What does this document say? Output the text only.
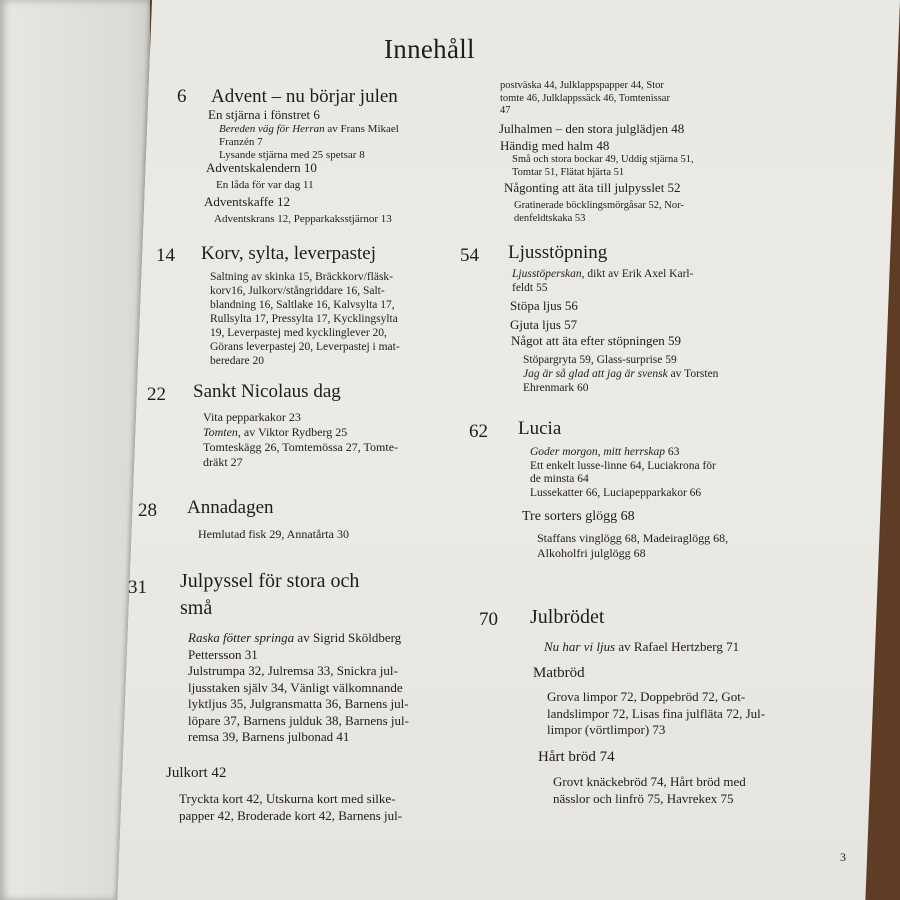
Innehåll
6 Advent – nu börjar julen
En stjärna i fönstret 6
Bereden väg för Herran av Frans Mikael
Franzén 7
Lysande stjärna med 25 spetsar 8
Adventskalendern 10
En låda för var dag 11
Adventskaffe 12
Adventskrans 12, Pepparkaksstjärnor 13
14 Korv, sylta, leverpastej
Saltning av skinka 15, Bräckkorv/fläsk-
korv16, Julkorv/stångriddare 16, Salt-
blandning 16, Saltlake 16, Kalvsylta 17,
Rullsylta 17, Pressylta 17, Kycklingsylta
19, Leverpastej med kycklinglever 20,
Görans leverpastej 20, Leverpastej i mat-
beredare 20
22 Sankt Nicolaus dag
Vita pepparkakor 23
Tomten, av Viktor Rydberg 25
Tomteskägg 26, Tomtemössa 27, Tomte-
dräkt 27
28 Annadagen
Hemlutad fisk 29, Annatårta 30
31 Julpyssel för stora och
små
Raska fötter springa av Sigrid Sköldberg
Pettersson 31
Julstrumpa 32, Julremsa 33, Snickra jul-
ljusstaken själv 34, Vänligt välkomnande
lyktljus 35, Julgransmatta 36, Barnens jul-
löpare 37, Barnens julduk 38, Barnens jul-
remsa 39, Barnens julbonad 41
Julkort 42
Tryckta kort 42, Utskurna kort med silke-
papper 42, Broderade kort 42, Barnens jul-
postväska 44, Julklappspapper 44, Stor
tomte 46, Julklappssäck 46, Tomtenissar
47
Julhalmen – den stora julglädjen 48
Händig med halm 48
Små och stora bockar 49, Uddig stjärna 51,
Tomtar 51, Flätat hjärta 51
Någonting att äta till julpysslet 52
Gratinerade böcklingsmörgåsar 52, Nor-
denfeldtskaka 53
54 Ljusstöpning
Ljusstöperskan, dikt av Erik Axel Karl-
feldt 55
Stöpa ljus 56
Gjuta ljus 57
Något att äta efter stöpningen 59
Stöpargryta 59, Glass-surprise 59
Jag är så glad att jag är svensk av Torsten
Ehrenmark 60
62 Lucia
Goder morgon, mitt herrskap 63
Ett enkelt lusse-linne 64, Luciakrona för
de minsta 64
Lussekatter 66, Luciapepparkakor 66
Tre sorters glögg 68
Staffans vinglögg 68, Madeiraglögg 68,
Alkoholfri julglögg 68
70 Julbrödet
Nu har vi ljus av Rafael Hertzberg 71
Matbröd
Grova limpor 72, Doppebröd 72, Got-
landslimpor 72, Lisas fina julfläta 72, Jul-
limpor (vörtlimpor) 73
Hårt bröd 74
Grovt knäckebröd 74, Hårt bröd med
nässlor och linfrö 75, Havrekex 75
3
